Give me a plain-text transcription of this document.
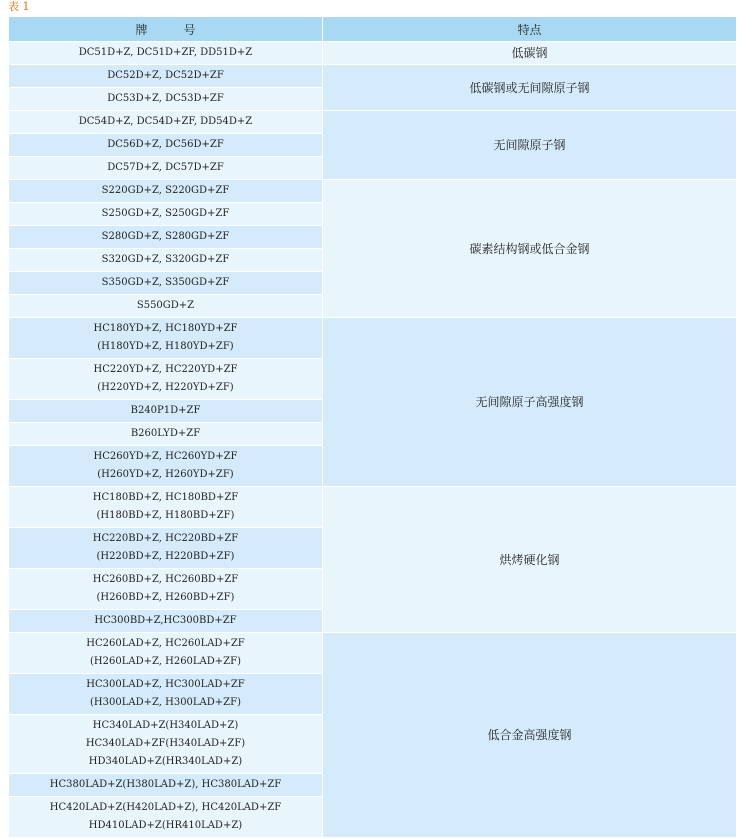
表 1
牌　　　号	特点

DC51D+Z, DC51D+ZF, DD51D+Z	低碳钢

DC52D+Z, DC52D+ZF	低碳钢或无间隙原子钢

DC53D+Z, DC53D+ZF	

DC54D+Z, DC54D+ZF, DD54D+Z	无间隙原子钢

DC56D+Z, DC56D+ZF	

DC57D+Z, DC57D+ZF	

S220GD+Z, S220GD+ZF	碳素结构钢或低合金钢

S250GD+Z, S250GD+ZF	

S280GD+Z, S280GD+ZF	

S320GD+Z, S320GD+ZF	

S350GD+Z, S350GD+ZF	

S550GD+Z	

HC180YD+Z, HC180YD+ZF
(H180YD+Z, H180YD+ZF)	无间隙原子高强度钢

HC220YD+Z, HC220YD+ZF
(H220YD+Z, H220YD+ZF)	

B240P1D+ZF	

B260LYD+ZF	

HC260YD+Z, HC260YD+ZF
(H260YD+Z, H260YD+ZF)	

HC180BD+Z, HC180BD+ZF
(H180BD+Z, H180BD+ZF)	烘烤硬化钢

HC220BD+Z, HC220BD+ZF
(H220BD+Z, H220BD+ZF)	

HC260BD+Z, HC260BD+ZF
(H260BD+Z, H260BD+ZF)	

HC300BD+Z,HC300BD+ZF	

HC260LAD+Z, HC260LAD+ZF
(H260LAD+Z, H260LAD+ZF)	低合金高强度钢

HC300LAD+Z, HC300LAD+ZF
(H300LAD+Z, H300LAD+ZF)	

HC340LAD+Z(H340LAD+Z)
HC340LAD+ZF(H340LAD+ZF)
HD340LAD+Z(HR340LAD+Z)	

HC380LAD+Z(H380LAD+Z), HC380LAD+ZF	

HC420LAD+Z(H420LAD+Z), HC420LAD+ZF
HD410LAD+Z(HR410LAD+Z)	
